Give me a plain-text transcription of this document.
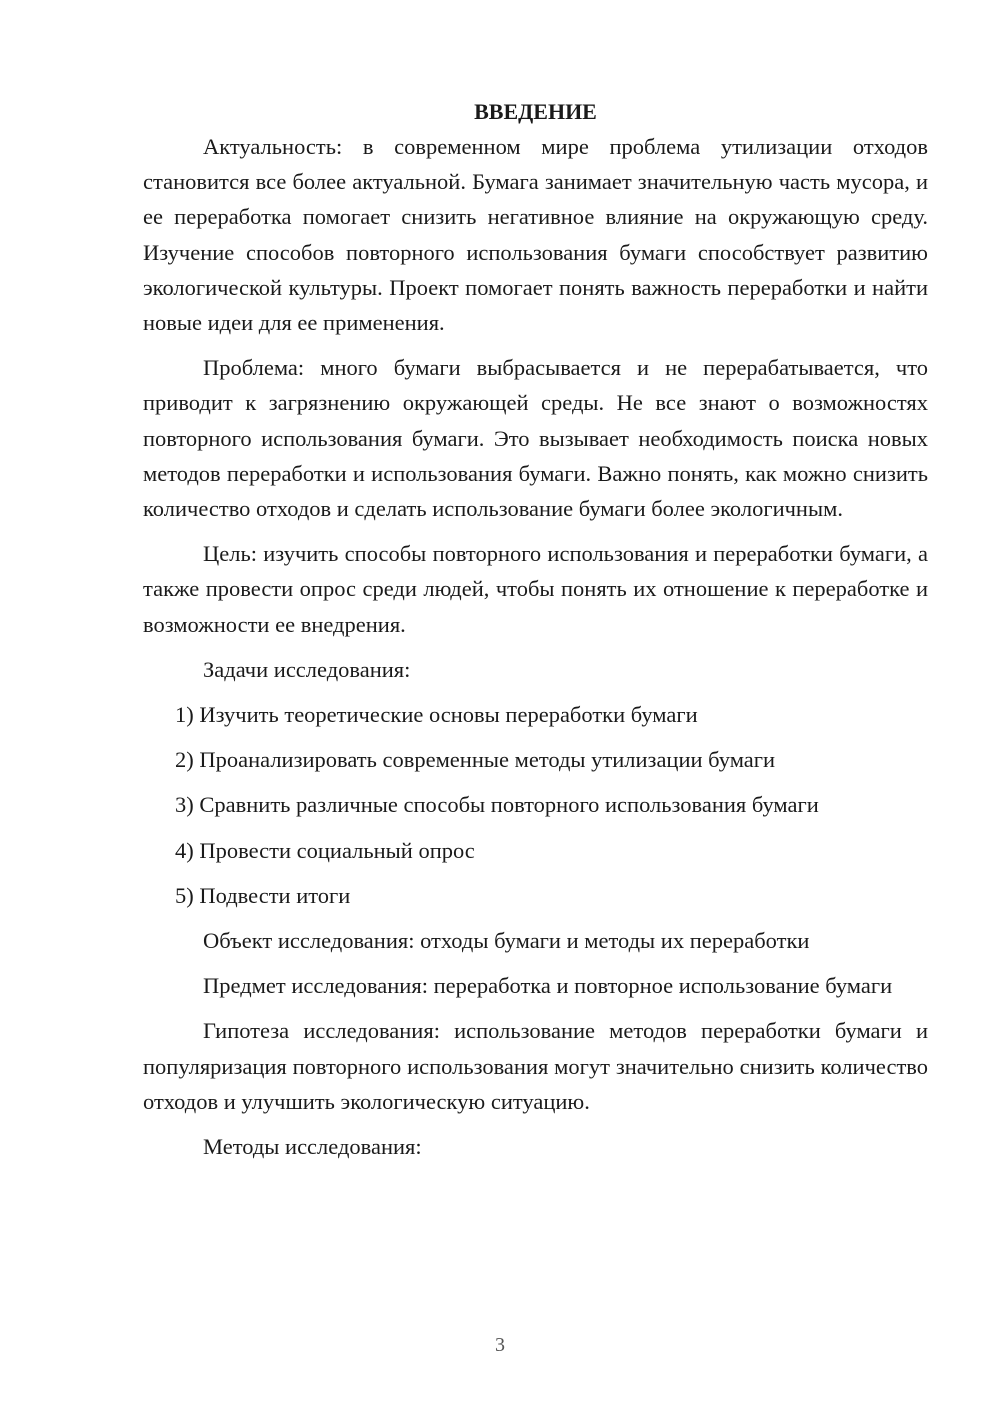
ВВЕДЕНИЕ

Актуальность: в современном мире проблема утилизации отходов становится все более актуальной. Бумага занимает значительную часть мусора, и ее переработка помогает снизить негативное влияние на окружающую среду. Изучение способов повторного использования бумаги способствует развитию экологической культуры. Проект помогает понять важность переработки и найти новые идеи для ее применения.

Проблема: много бумаги выбрасывается и не перерабатывается, что приводит к загрязнению окружающей среды. Не все знают о возможностях повторного использования бумаги. Это вызывает необходимость поиска новых методов переработки и использования бумаги. Важно понять, как можно снизить количество отходов и сделать использование бумаги более экологичным.

Цель: изучить способы повторного использования и переработки бумаги, а также провести опрос среди людей, чтобы понять их отношение к переработке и возможности ее внедрения.

Задачи исследования:

1) Изучить теоретические основы переработки бумаги
2) Проанализировать современные методы утилизации бумаги
3) Сравнить различные способы повторного использования бумаги
4) Провести социальный опрос
5) Подвести итоги

Объект исследования: отходы бумаги и методы их переработки

Предмет исследования: переработка и повторное использование бумаги

Гипотеза исследования: использование методов переработки бумаги и популяризация повторного использования могут значительно снизить количество отходов и улучшить экологическую ситуацию.

Методы исследования:

3
